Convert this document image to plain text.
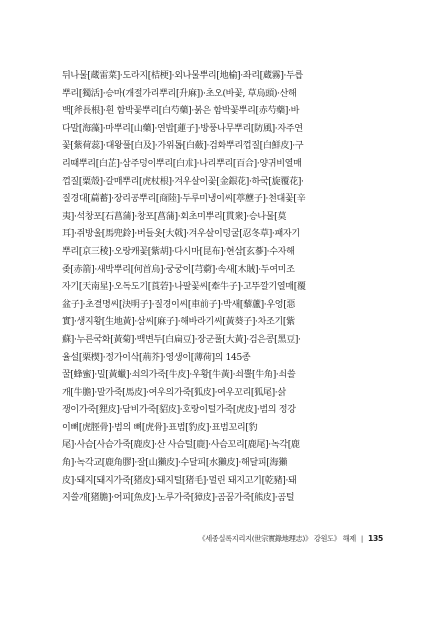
뒤나물[蔵雷菜]·도라지[桔梗]·외나물뿌리[地榆]·좌리[蔵霧]·두릅
뿌리[獨活]·승마(개절가리뿌리[升麻])·초오(바꽃, 草烏頭)·산해
백[斧長根]·흰 함박꽃뿌리[白芍藥]·붉은 함박꽃뿌리[赤芍藥]·바
다말[海藻]·마뿌리[山藥]·연밥[蓮子]·방풍나무뿌리[防風]·자주연
꽃[紫荷蕊]·대왕풀[白及]·가위톱[白蘞]·검화뿌리껍질[白鮮皮]·구
리때뿌리[白芷]·삼주덩이뿌리[白朮]·나리뿌리[百合]·양귀비열매
껍질[粟殼]·갈매뿌리[虎杖根]·겨우살이꽃[金銀花]·하국[旋覆花]·
질경대[萹蓄]·장리공뿌리[商陸]·두루미냉이씨[葶藶子]·천대꽃[辛
夷]·석창포[石菖蒲]·창포[菖蒲]·회초미뿌리[貫衆]·승나물[莫
耳]·쥐방울[馬兜鈴]·버들옷[大戟]·겨우살이덩굴[忍冬草]·패자기
뿌리[京三稜]·오랑캐꽃[紫胡]·다시마[昆布]·현삼[玄蔘]·수자해
좆[赤箭]·새박뿌리[何首烏]·궁궁이[芎藭]·속새[木賊]·두여미조
자기[天南星]·오독도기[莨菪]·나팔꽃씨[牽牛子]·고뚜깔기열매[覆
盆子]·초결명씨[決明子]·질경이씨[車前子]·박새[藜蘆]·우엉[惡
實]·생지황[生地黃]·삼씨[麻子]·해바라기씨[黃葵子]·차조기[紫
蘇]·누른국화[黃菊]·백변두[白扁豆]·장군풀[大黃]·검은콩[黑豆]·
율설[栗楔]·정가이삭[荊芥]·영생이[薄荷]의 145종
꿀[蜂蜜]·밀[黃蠟]·쇠의가죽[牛皮]·우황[牛黃]·쇠뿔[牛角]·쇠쓸
개[牛膽]·말가죽[馬皮]·여우의가죽[狐皮]·여우꼬리[狐尾]·삵
쟁이가죽[狸皮]·담비가죽[貂皮]·호랑이털가죽[虎皮]·범의 정강
이뼈[虎脛骨]·범의 뼈[虎骨]·표범[豹皮]·표범꼬리[豹
尾]·사슴[사슴가죽[鹿皮]·산 사슴털[鹿]·사슴꼬리[鹿尾]·녹각[鹿
角]·녹각교[鹿角膠]·잘[山獺皮]·수달피[水獺皮]·해달피[海獺
皮]·돼지[돼지가죽[猪皮]·돼지털[猪毛]·멀린 돼지고기[乾豬]·돼
지쓸개[猪膽]·어피[魚皮]·노루가죽[獐皮]·곰꿈가죽[熊皮]·곰털
《세종실록지리지(世宗實錄地理志)》 강원도》 해제 | 135
